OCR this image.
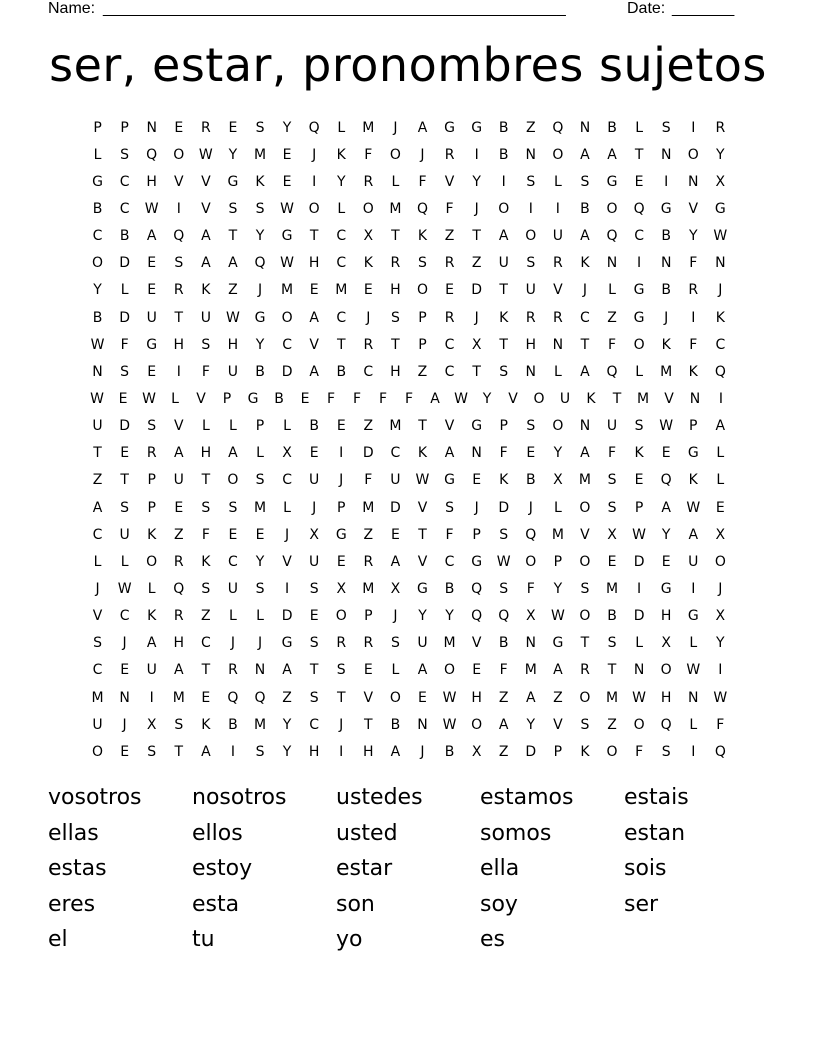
Name: ____________________________________________________	Date: _______
ser, estar, pronombres sujetos
P	P	N	E	R	E	S	Y	Q	L	M	J	A	G	G	B	Z	Q	N	B	L	S	I	R
L	S	Q	O	W	Y	M	E	J	K	F	O	J	R	I	B	N	O	A	A	T	N	O	Y
G	C	H	V	V	G	K	E	I	Y	R	L	F	V	Y	I	S	L	S	G	E	I	N	X
B	C	W	I	V	S	S	W	O	L	O	M	Q	F	J	O	I	I	B	O	Q	G	V	G
C	B	A	Q	A	T	Y	G	T	C	X	T	K	Z	T	A	O	U	A	Q	C	B	Y	W
O	D	E	S	A	A	Q	W	H	C	K	R	S	R	Z	U	S	R	K	N	I	N	F	N
Y	L	E	R	K	Z	J	M	E	M	E	H	O	E	D	T	U	V	J	L	G	B	R	J
B	D	U	T	U	W	G	O	A	C	J	S	P	R	J	K	R	R	C	Z	G	J	I	K
W	F	G	H	S	H	Y	C	V	T	R	T	P	C	X	T	H	N	T	F	O	K	F	C
N	S	E	I	F	U	B	D	A	B	C	H	Z	C	T	S	N	L	A	Q	L	M	K	Q
W	E	W	L	V	P	G	B	E	F	F	F	F	A	W	Y	V	O	U	K	T	M	V	N	I
U	D	S	V	L	L	P	L	B	E	Z	M	T	V	G	P	S	O	N	U	S	W	P	A
T	E	R	A	H	A	L	X	E	I	D	C	K	A	N	F	E	Y	A	F	K	E	G	L
Z	T	P	U	T	O	S	C	U	J	F	U	W	G	E	K	B	X	M	S	E	Q	K	L
A	S	P	E	S	S	M	L	J	P	M	D	V	S	J	D	J	L	O	S	P	A	W	E
C	U	K	Z	F	E	E	J	X	G	Z	E	T	F	P	S	Q	M	V	X	W	Y	A	X
L	L	O	R	K	C	Y	V	U	E	R	A	V	C	G	W	O	P	O	E	D	E	U	O
J	W	L	Q	S	U	S	I	S	X	M	X	G	B	Q	S	F	Y	S	M	I	G	I	J
V	C	K	R	Z	L	L	D	E	O	P	J	Y	Y	Q	Q	X	W	O	B	D	H	G	X
S	J	A	H	C	J	J	G	S	R	R	S	U	M	V	B	N	G	T	S	L	X	L	Y
C	E	U	A	T	R	N	A	T	S	E	L	A	O	E	F	M	A	R	T	N	O	W	I
M	N	I	M	E	Q	Q	Z	S	T	V	O	E	W	H	Z	A	Z	O	M	W	H	N	W
U	J	X	S	K	B	M	Y	C	J	T	B	N	W	O	A	Y	V	S	Z	O	Q	L	F
O	E	S	T	A	I	S	Y	H	I	H	A	J	B	X	Z	D	P	K	O	F	S	I	Q
vosotros	nosotros	ustedes	estamos	estais
ellas	ellos	usted	somos	estan
estas	estoy	estar	ella	sois
eres	esta	son	soy	ser
el	tu	yo	es
